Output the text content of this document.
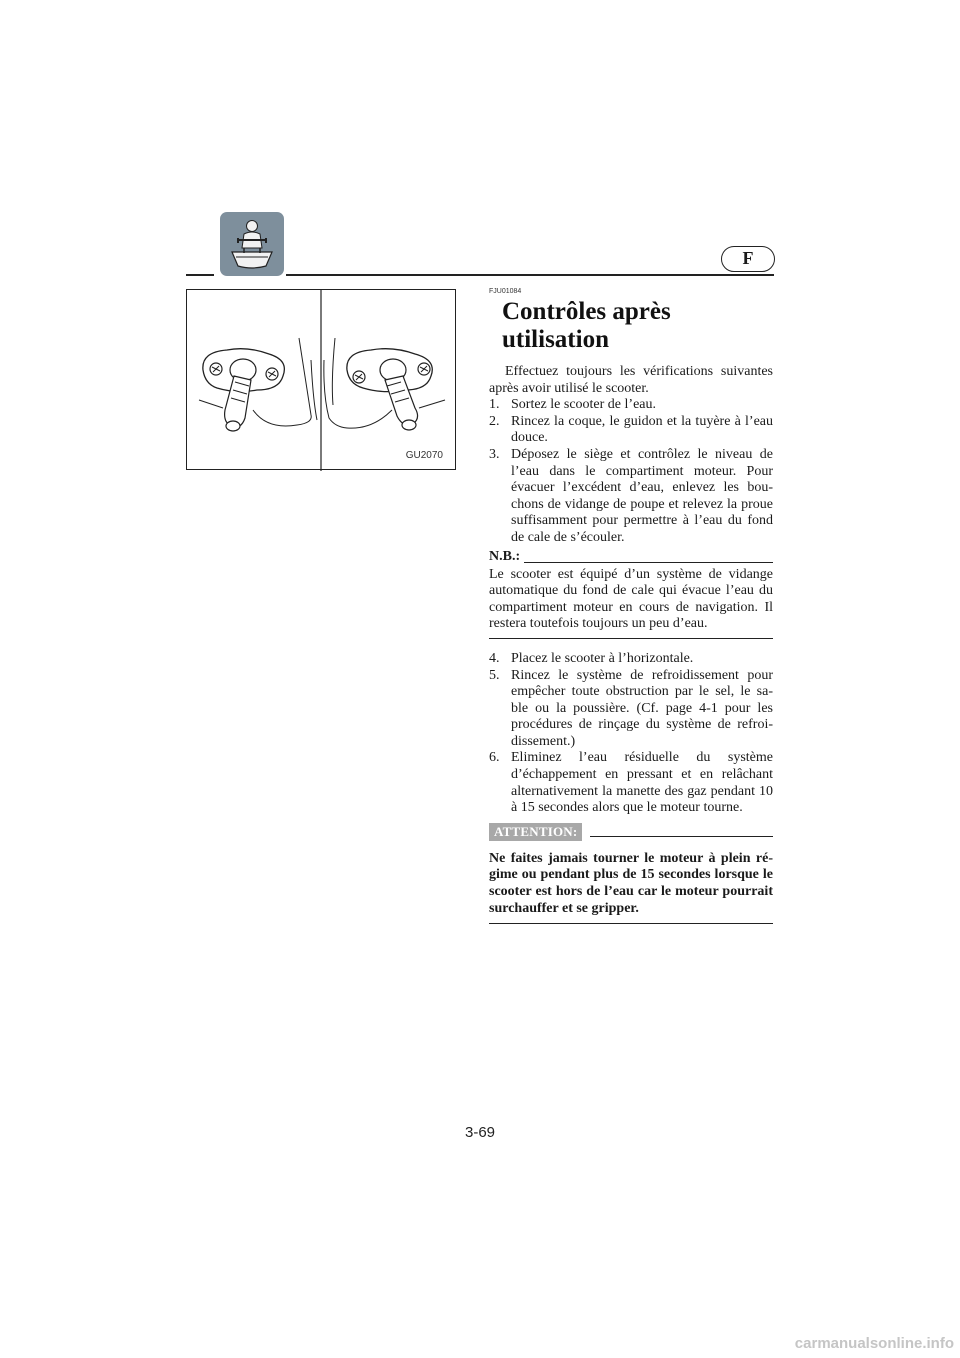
F
GU2070
FJU01084
Contrôles après utilisation

Effectuez toujours les vérifications suivantes après avoir utilisé le scooter.

1. Sortez le scooter de l’eau.
2. Rincez la coque, le guidon et la tuyère à l’eau douce.
3. Déposez le siège et contrôlez le niveau de l’eau dans le compartiment moteur. Pour évacuer l’excédent d’eau, enlevez les bou- chons de vidange de poupe et relevez la proue suffisamment pour permettre à l’eau du fond de cale de s’écouler.
N.B.:
Le scooter est équipé d’un système de vidange automatique du fond de cale qui évacue l’eau du compartiment moteur en cours de navigation. Il restera toutefois toujours un peu d’eau.
4. Placez le scooter à l’horizontale.
5. Rincez le système de refroidissement pour empêcher toute obstruction par le sel, le sa- ble ou la poussière. (Cf. page 4-1 pour les procédures de rinçage du système de refroi- dissement.)
6. Eliminez l’eau résiduelle du système d’échappement en pressant et en relâchant alternativement la manette des gaz pendant 10 à 15 secondes alors que le moteur tourne.
ATTENTION:
Ne faites jamais tourner le moteur à plein ré- gime ou pendant plus de 15 secondes lorsque le scooter est hors de l’eau car le moteur pourrait surchauffer et se gripper.
3-69
carmanualsonline.info
